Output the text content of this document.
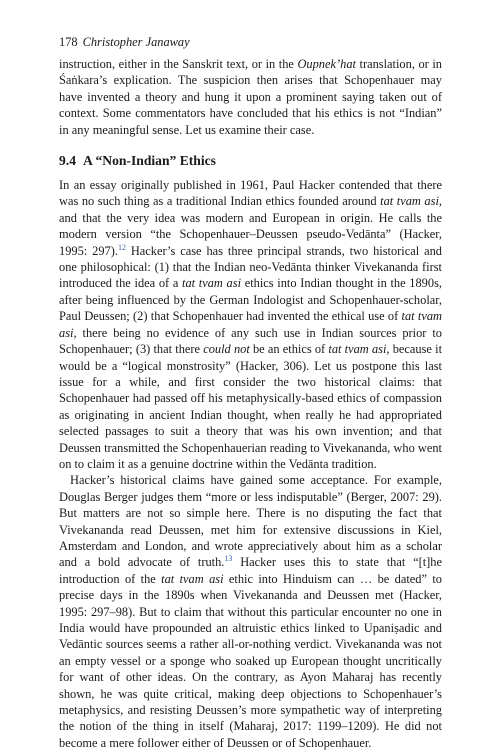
178 Christopher Janaway

instruction, either in the Sanskrit text, or in the Oupnek’hat translation, or in Śaṅkara’s explication. The suspicion then arises that Schopenhauer may have invented a theory and hung it upon a prominent saying taken out of context. Some commentators have concluded that his ethics is not “Indian” in any meaningful sense. Let us examine their case.

9.4 A “Non-Indian” Ethics

In an essay originally published in 1961, Paul Hacker contended that there was no such thing as a traditional Indian ethics founded around tat tvam asi, and that the very idea was modern and European in origin. He calls the modern version “the Schopenhauer–Deussen pseudo-Vedānta” (Hacker, 1995: 297).$^{12}$ Hacker’s case has three principal strands, two historical and one philosophical: (1) that the Indian neo-Vedānta thinker Vivekananda first introduced the idea of a tat tvam asi ethics into Indian thought in the 1890s, after being influenced by the German Indologist and Schopenhauer-scholar, Paul Deussen; (2) that Schopenhauer had invented the ethical use of tat tvam asi, there being no evidence of any such use in Indian sources prior to Schopenhauer; (3) that there could not be an ethics of tat tvam asi, because it would be a “logical monstrosity” (Hacker, 306). Let us postpone this last issue for a while, and first consider the two historical claims: that Schopenhauer had passed off his metaphysically-based ethics of compassion as originating in ancient Indian thought, when really he had appropriated selected passages to suit a theory that was his own invention; and that Deussen transmitted the Schopenhauerian reading to Vivekananda, who went on to claim it as a genuine doctrine within the Vedānta tradition.

Hacker’s historical claims have gained some acceptance. For example, Douglas Berger judges them “more or less indisputable” (Berger, 2007: 29). But matters are not so simple here. There is no disputing the fact that Vivekananda read Deussen, met him for extensive discussions in Kiel, Amsterdam and London, and wrote appreciatively about him as a scholar and a bold advocate of truth.$^{13}$ Hacker uses this to state that “[t]he introduction of the tat tvam asi ethic into Hinduism can … be dated” to precise days in the 1890s when Vivekananda and Deussen met (Hacker, 1995: 297–98). But to claim that without this particular encounter no one in India would have propounded an altruistic ethics linked to Upaniṣadic and Vedāntic sources seems a rather all-or-nothing verdict. Vivekananda was not an empty vessel or a sponge who soaked up European thought uncritically for want of other ideas. On the contrary, as Ayon Maharaj has recently shown, he was quite critical, making deep objections to Schopenhauer’s metaphysics, and resisting Deussen’s more sympathetic way of interpreting the notion of the thing in itself (Maharaj, 2017: 1199–1209). He did not become a mere follower either of Deussen or of Schopenhauer.
